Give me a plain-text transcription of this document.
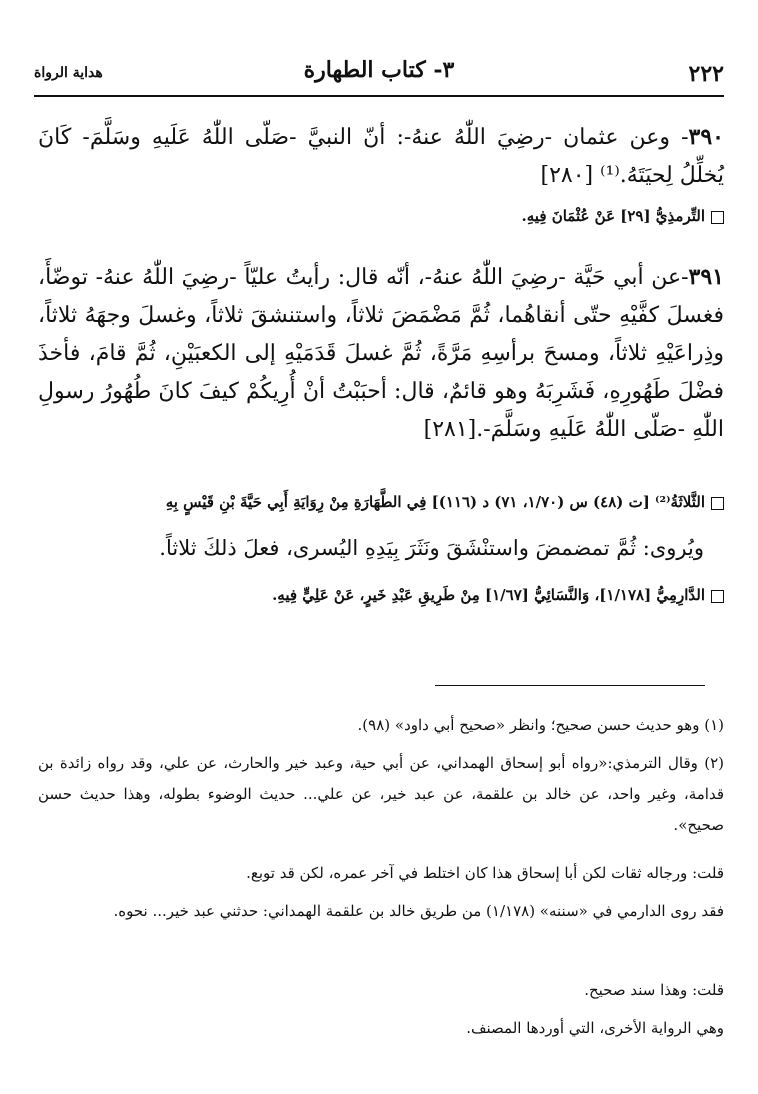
٢٢٢
٣- كتاب الطهارة
هداية الرواة

٣٩٠- وعن عثمان -رضِيَ اللّٰهُ عنهُ-: أنّ النبيَّ -صَلّى اللّٰهُ عَلَيهِ وسَلَّمَ- كَانَ يُخلِّلُ لِحيَتَهُ.⁽¹⁾ [٢٨٠]

التِّرمذِيُّ [٢٩] عَنْ عُثْمَانَ فِيهِ.

٣٩١-عن أبي حَيَّة -رضِيَ اللّٰهُ عنهُ-، أنّه قال: رأيتُ عليّاً -رضِيَ اللّٰهُ عنهُ- توضّأَ، فغسلَ كفَّيْهِ حتّى أنقاهُما، ثُمَّ مَضْمَضَ ثلاثاً، واستنشقَ ثلاثاً، وغسلَ وجهَهُ ثلاثاً، وذِراعَيْهِ ثلاثاً، ومسحَ برأسِهِ مَرَّةً، ثُمَّ غسلَ قَدَمَيْهِ إلى الكعبَيْنِ، ثُمَّ قامَ، فأخذَ فضْلَ طَهُورِهِ، فَشَرِبَهُ وهو قائمٌ، قال: أحبَبْتُ أنْ أُرِيكُمْ كيفَ كانَ طُهُورُ رسولِ اللّٰهِ -صَلّى اللّٰهُ عَلَيهِ وسَلَّمَ-.[٢٨١]

الثَّلاثَةُ⁽²⁾ [ت (٤٨) س (١/٧٠، ٧١) د (١١٦)] فِي الطَّهَارَةِ مِنْ رِوَايَةِ أَبِي حَيَّةَ بْنِ قَيْسٍ بِهِ

ويُروى: ثُمَّ تمضمضَ واستنْشَقَ ونَثَرَ بِيَدِهِ اليُسرى، فعلَ ذلكَ ثلاثاً.

الدَّارِمِيُّ [١/١٧٨]، وَالنَّسَائِيُّ [١/٦٧] مِنْ طَرِيقِ عَبْدِ خَيرٍ، عَنْ عَلِيٍّ فِيهِ.

(١) وهو حديث حسن صحيح؛ وانظر «صحيح أبي داود» (٩٨).

(٢) وقال الترمذي:«رواه أبو إسحاق الهمداني، عن أبي حية، وعبد خير والحارث، عن علي، وقد رواه زائدة بن قدامة، وغير واحد، عن خالد بن علقمة، عن عبد خير، عن علي... حديث الوضوء بطوله، وهذا حديث حسن صحيح».

قلت: ورجاله ثقات لكن أبا إسحاق هذا كان اختلط في آخر عمره، لكن قد توبع.

فقد روى الدارمي في «سننه» (١/١٧٨) من طريق خالد بن علقمة الهمداني: حدثني عبد خير... نحوه.

قلت: وهذا سند صحيح.

وهي الرواية الأخرى، التي أوردها المصنف.
